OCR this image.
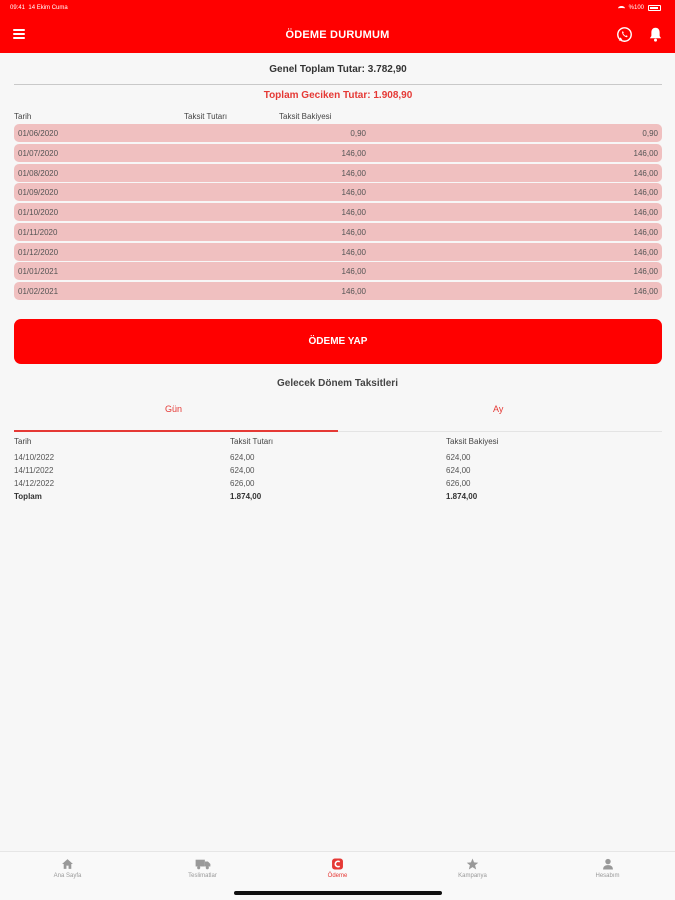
09:41 14 Ekim Cuma	%100
ÖDEME DURUMUM
Genel Toplam Tutar: 3.782,90
Toplam Geciken Tutar: 1.908,90
Tarih	Taksit Tutarı	Taksit Bakiyesi
01/06/2020	0,90	0,90
01/07/2020	146,00	146,00
01/08/2020	146,00	146,00
01/09/2020	146,00	146,00
01/10/2020	146,00	146,00
01/11/2020	146,00	146,00
01/12/2020	146,00	146,00
01/01/2021	146,00	146,00
01/02/2021	146,00	146,00
ÖDEME YAP
Gelecek Dönem Taksitleri
Gün	Ay
Tarih	Taksit Tutarı	Taksit Bakiyesi
14/10/2022	624,00	624,00
14/11/2022	624,00	624,00
14/12/2022	626,00	626,00
Toplam	1.874,00	1.874,00
Ana Sayfa	Teslimatlar	Ödeme	Kampanya	Hesabım
